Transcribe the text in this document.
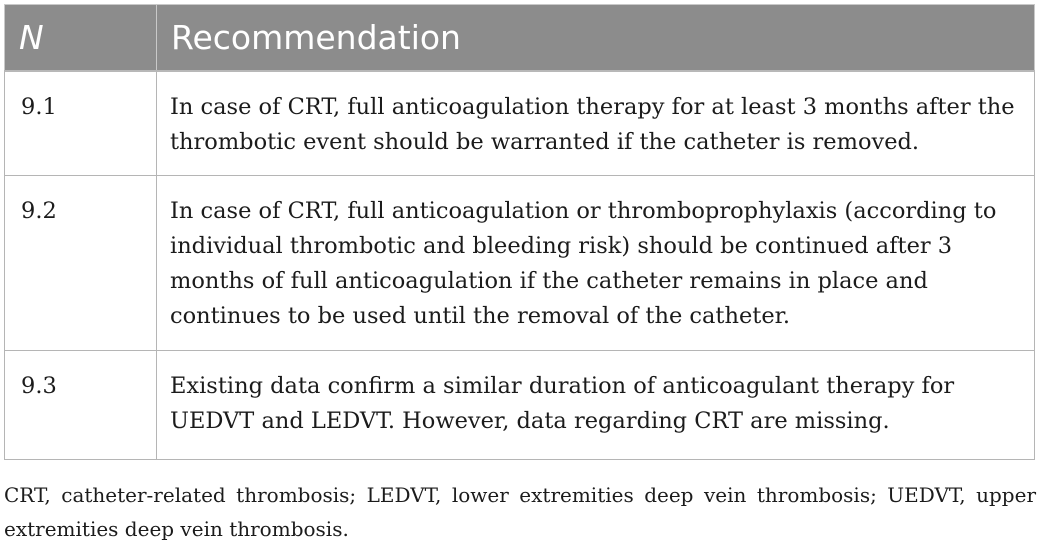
N	Recommendation
9.1	In case of CRT, full anticoagulation therapy for at least 3 months after the thrombotic event should be warranted if the catheter is removed.
9.2	In case of CRT, full anticoagulation or thromboprophylaxis (according to individual thrombotic and bleeding risk) should be continued after 3 months of full anticoagulation if the catheter remains in place and continues to be used until the removal of the catheter.
9.3	Existing data confirm a similar duration of anticoagulant therapy for UEDVT and LEDVT. However, data regarding CRT are missing.
CRT, catheter-related thrombosis; LEDVT, lower extremities deep vein thrombosis; UEDVT, upper extremities deep vein thrombosis.
